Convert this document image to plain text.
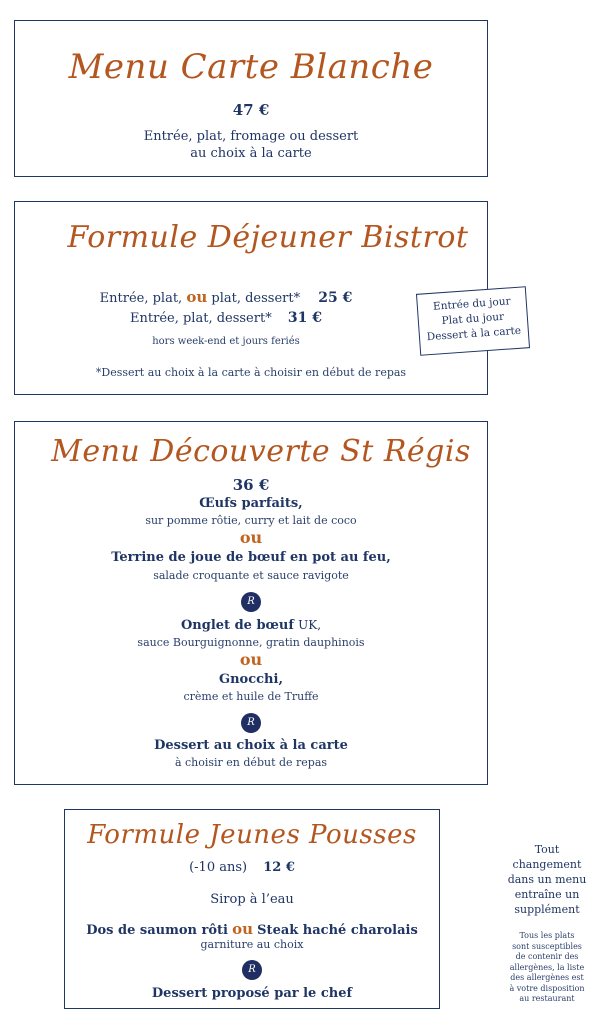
Menu Carte Blanche
47 €
Entrée, plat, fromage ou dessert
au choix à la carte
Formule Déjeuner Bistrot
Entrée, plat, ou plat, dessert* 25 €
Entrée, plat, dessert* 31 €
hors week-end et jours feriés
*Dessert au choix à la carte à choisir en début de repas
Entrée du jour
Plat du jour
Dessert à la carte
Menu Découverte St Régis
36 €
Œufs parfaits,
sur pomme rôtie, curry et lait de coco
ou
Terrine de joue de bœuf en pot au feu,
salade croquante et sauce ravigote
R
Onglet de bœuf UK,
sauce Bourguignonne, gratin dauphinois
ou
Gnocchi,
crème et huile de Truffe
R
Dessert au choix à la carte
à choisir en début de repas
Formule Jeunes Pousses
(-10 ans) 12 €
Sirop à l’eau
Dos de saumon rôti ou Steak haché charolais
garniture au choix
R
Dessert proposé par le chef
Tout
changement
dans un menu
entraîne un
supplément
Tous les plats
sont susceptibles
de contenir des
allergènes, la liste
des allergènes est
à votre disposition
au restaurant
